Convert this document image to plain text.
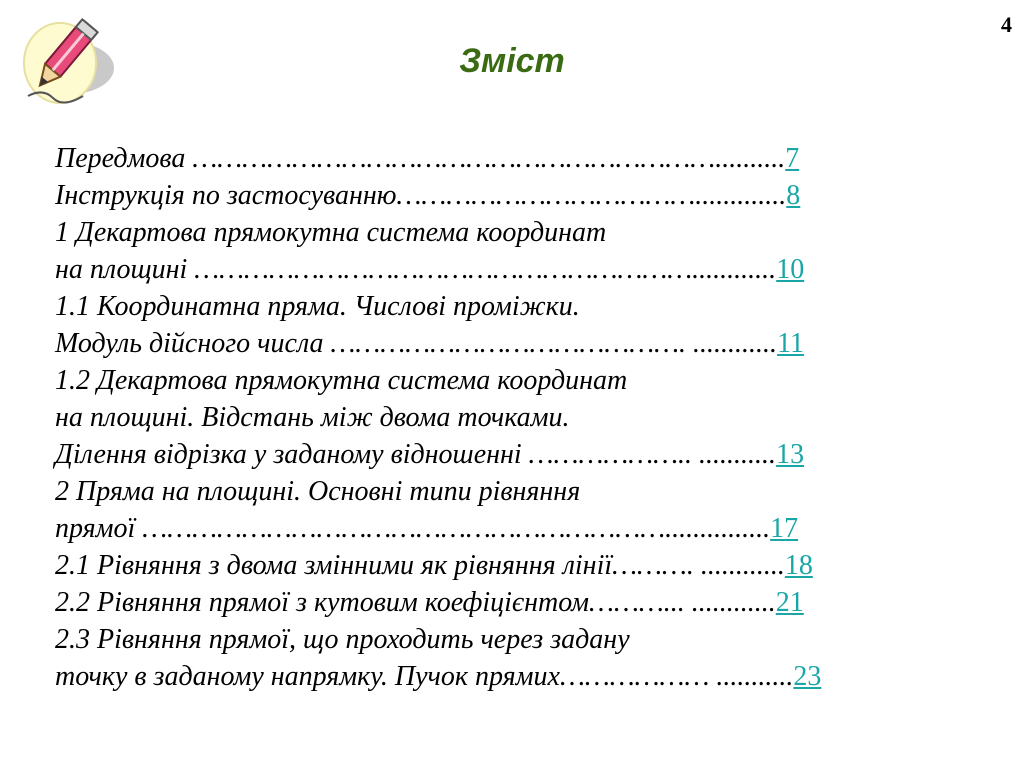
4
Зміст
Передмова ………………………………………………………..........7
Інструкція по застосуванню……………………………….............8
1 Декартова прямокутна система координат
на площині ……………………………………………………............10
1.1 Координатна пряма. Числові проміжки.
Модуль дійсного числа ……………………………………. ............11
1.2 Декартова прямокутна система координат
на площині. Відстань між двома точками.
Ділення відрізка у заданому відношенні ……………….. ...........13
2 Пряма на площині. Основні типи рівняння
прямої ………………………………………………………...............17
2.1 Рівняння з двома змінними як рівняння лінії………. ............18
2.2 Рівняння прямої з кутовим коефіцієнтом………... ............21
2.3 Рівняння прямої, що проходить через задану
точку в заданому напрямку. Пучок прямих……………… ...........23
